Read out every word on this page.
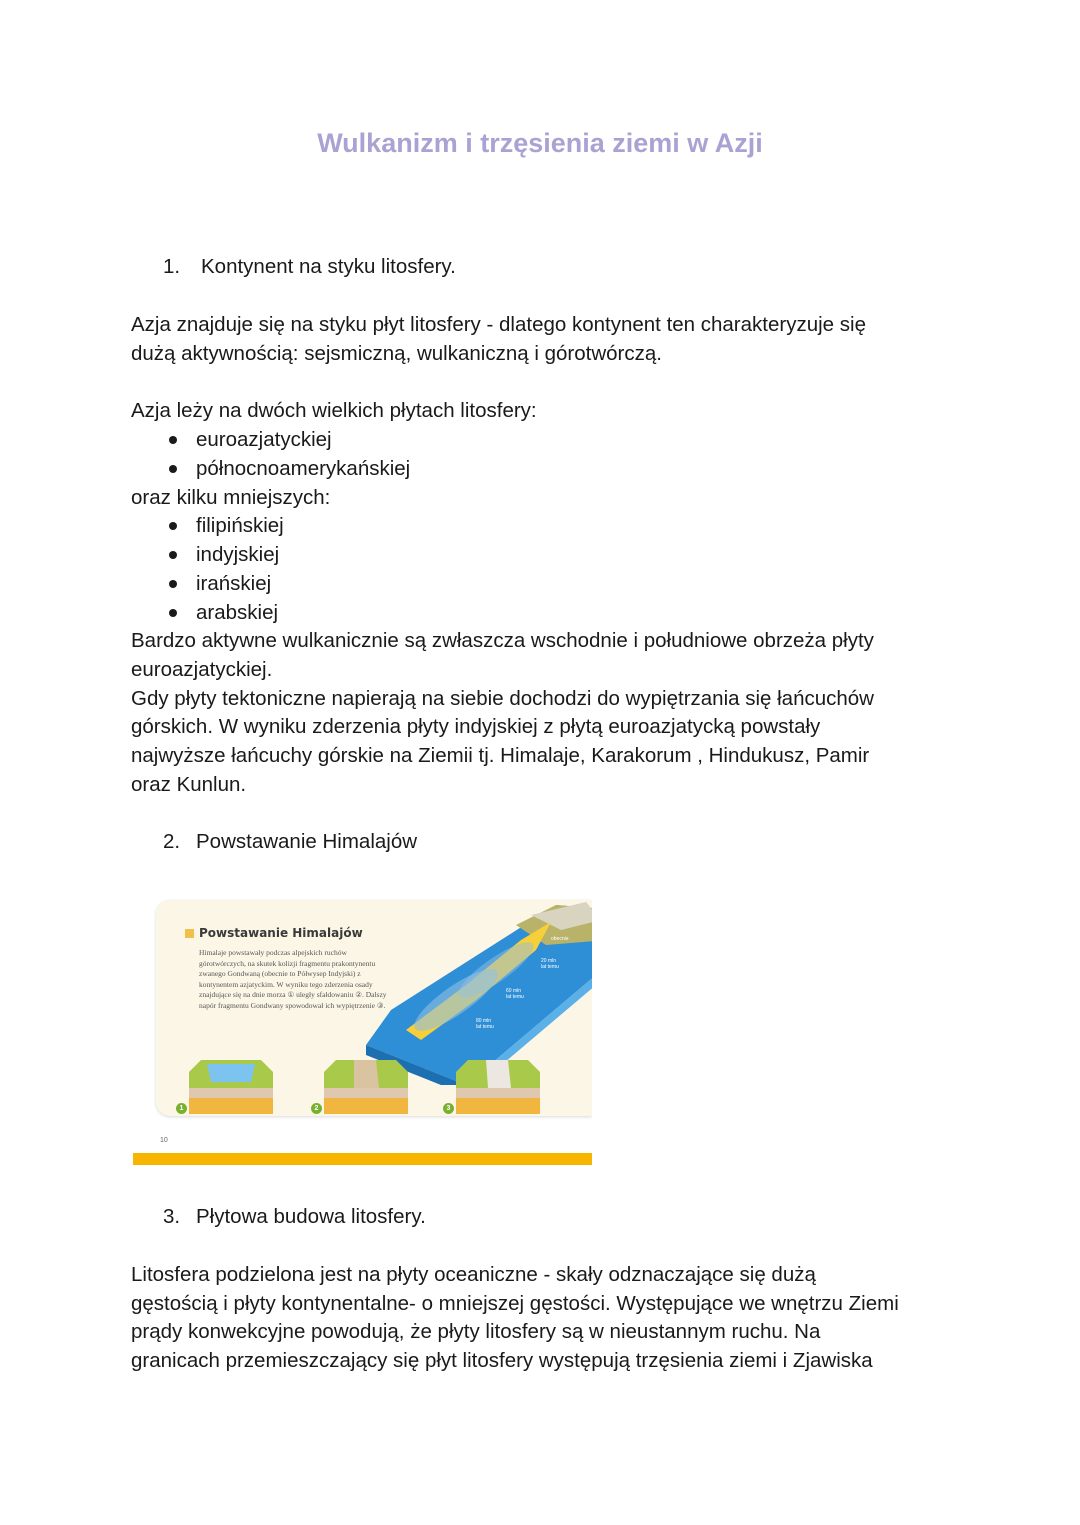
Wulkanizm i trzęsienia ziemi w Azji
1. Kontynent na styku litosfery.
Azja znajduje się na styku płyt litosfery - dlatego kontynent ten charakteryzuje się
dużą aktywnością: sejsmiczną, wulkaniczną i górotwórczą.
Azja leży na dwóch wielkich płytach litosfery:
euroazjatyckiej
północnoamerykańskiej
oraz kilku mniejszych:
filipińskiej
indyjskiej
irańskiej
arabskiej
Bardzo aktywne wulkanicznie są zwłaszcza wschodnie i południowe obrzeża płyty
euroazjatyckiej.
Gdy płyty tektoniczne napierają na siebie dochodzi do wypiętrzania się łańcuchów
górskich. W wyniku zderzenia płyty indyjskiej z płytą euroazjatycką powstały
najwyższe łańcuchy górskie na Ziemii tj. Himalaje, Karakorum , Hindukusz, Pamir
oraz Kunlun.
2. Powstawanie Himalajów
obecnie
20 mln
lat temu
60 mln
lat temu
80 mln
lat temu
Powstawanie Himalajów
Himalaje powstawały podczas alpejskich ruchów górotwórczych, na skutek kolizji fragmentu prakontynentu zwanego Gondwaną (obecnie to Półwysep Indyjski) z kontynentem azjatyckim. W wyniku tego zderzenia osady znajdujące się na dnie morza ① uległy sfałdowaniu ②. Dalszy napór fragmentu Gondwany spowodował ich wypiętrzenie ③.
1	2	3
10
3. Płytowa budowa litosfery.
Litosfera podzielona jest na płyty oceaniczne - skały odznaczające się dużą
gęstością i płyty kontynentalne- o mniejszej gęstości. Występujące we wnętrzu Ziemi
prądy konwekcyjne powodują, że płyty litosfery są w nieustannym ruchu. Na
granicach przemieszczający się płyt litosfery występują trzęsienia ziemi i Zjawiska
